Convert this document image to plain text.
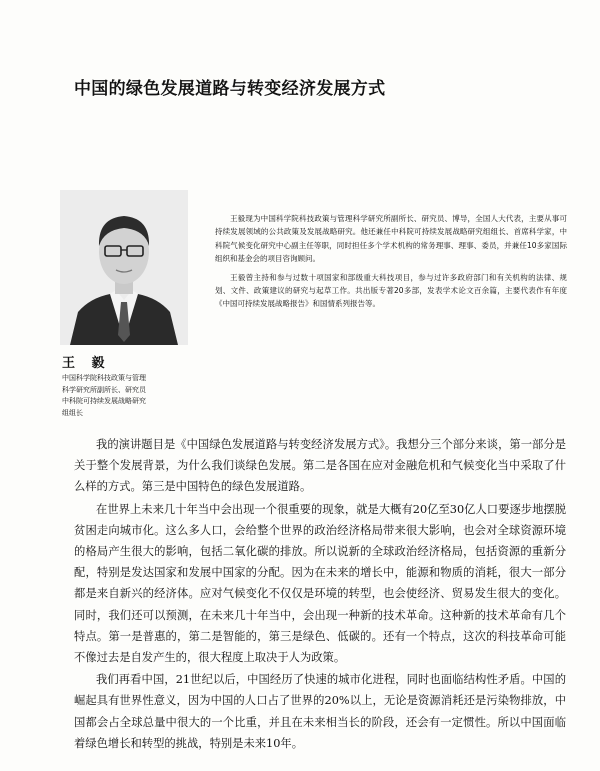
中国的绿色发展道路与转变经济发展方式

王毅现为中国科学院科技政策与管理科学研究所副所长、研究员、博导，全国人大代表，主要从事可持续发展领域的公共政策及发展战略研究。他还兼任中科院可持续发展战略研究组组长、首席科学家，中科院气候变化研究中心副主任等职，同时担任多个学术机构的常务理事、理事、委员，并兼任10多家国际组织和基金会的项目咨询顾问。

王毅曾主持和参与过数十项国家和部级重大科技项目，参与过许多政府部门和有关机构的法律、规划、文件、政策建议的研究与起草工作。共出版专著20多部，发表学术论文百余篇，主要代表作有年度《中国可持续发展战略报告》和国情系列报告等。

王 毅
中国科学院科技政策与管理
科学研究所副所长、研究员
中科院可持续发展战略研究
组组长

我的演讲题目是《中国绿色发展道路与转变经济发展方式》。我想分三个部分来谈，第一部分是关于整个发展背景，为什么我们谈绿色发展。第二是各国在应对金融危机和气候变化当中采取了什么样的方式。第三是中国特色的绿色发展道路。

在世界上未来几十年当中会出现一个很重要的现象，就是大概有20亿至30亿人口要逐步地摆脱贫困走向城市化。这么多人口，会给整个世界的政治经济格局带来很大影响，也会对全球资源环境的格局产生很大的影响，包括二氧化碳的排放。所以说新的全球政治经济格局，包括资源的重新分配，特别是发达国家和发展中国家的分配。因为在未来的增长中，能源和物质的消耗，很大一部分都是来自新兴的经济体。应对气候变化不仅仅是环境的转型，也会使经济、贸易发生很大的变化。同时，我们还可以预测，在未来几十年当中，会出现一种新的技术革命。这种新的技术革命有几个特点。第一是普惠的，第二是智能的，第三是绿色、低碳的。还有一个特点，这次的科技革命可能不像过去是自发产生的，很大程度上取决于人为政策。

我们再看中国，21世纪以后，中国经历了快速的城市化进程，同时也面临结构性矛盾。中国的崛起具有世界性意义，因为中国的人口占了世界的20%以上，无论是资源消耗还是污染物排放，中国都会占全球总量中很大的一个比重，并且在未来相当长的阶段，还会有一定惯性。所以中国面临着绿色增长和转型的挑战，特别是未来10年。
